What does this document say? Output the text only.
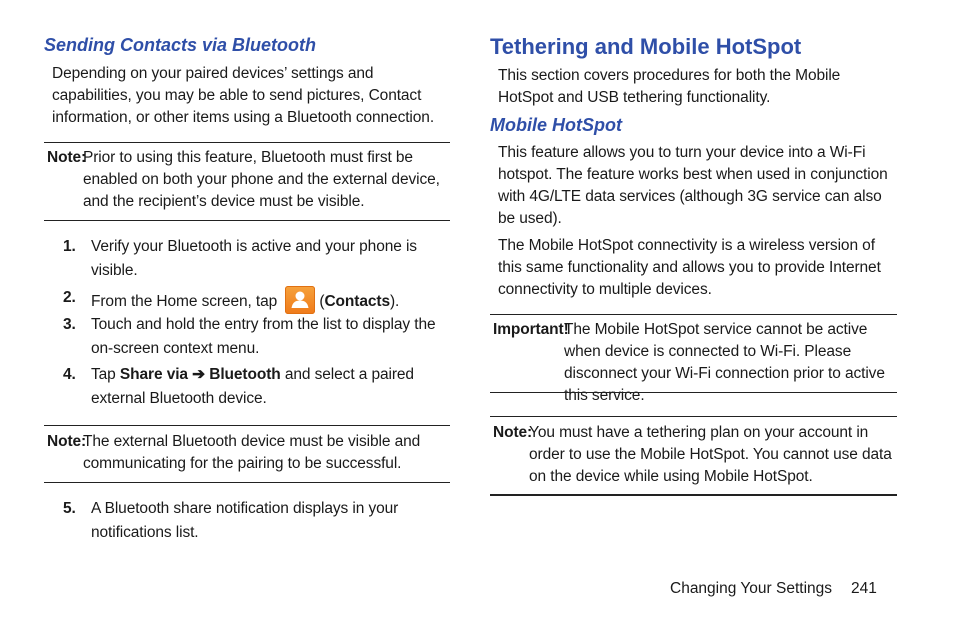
Sending Contacts via Bluetooth

Depending on your paired devices’ settings and capabilities, you may be able to send pictures, Contact information, or other items using a Bluetooth connection.

Note:
Prior to using this feature, Bluetooth must first be enabled on both your phone and the external device, and the recipient’s device must be visible.
1. Verify your Bluetooth is active and your phone is visible.
2. From the Home screen, tap	(Contacts).
3. Touch and hold the entry from the list to display the on-screen context menu.
4. Tap Share via ➔ Bluetooth and select a paired external Bluetooth device.
Note:
The external Bluetooth device must be visible and communicating for the pairing to be successful.
5. A Bluetooth share notification displays in your notifications list.
Tethering and Mobile HotSpot

This section covers procedures for both the Mobile HotSpot and USB tethering functionality.

Mobile HotSpot

This feature allows you to turn your device into a Wi-Fi hotspot. The feature works best when used in conjunction with 4G/LTE data services (although 3G service can also be used).

The Mobile HotSpot connectivity is a wireless version of this same functionality and allows you to provide Internet connectivity to multiple devices.

Important!
The Mobile HotSpot service cannot be active when device is connected to Wi-Fi. Please disconnect your Wi-Fi connection prior to active this service.
Note:
You must have a tethering plan on your account in order to use the Mobile HotSpot. You cannot use data on the device while using Mobile HotSpot.
Changing Your Settings 241
